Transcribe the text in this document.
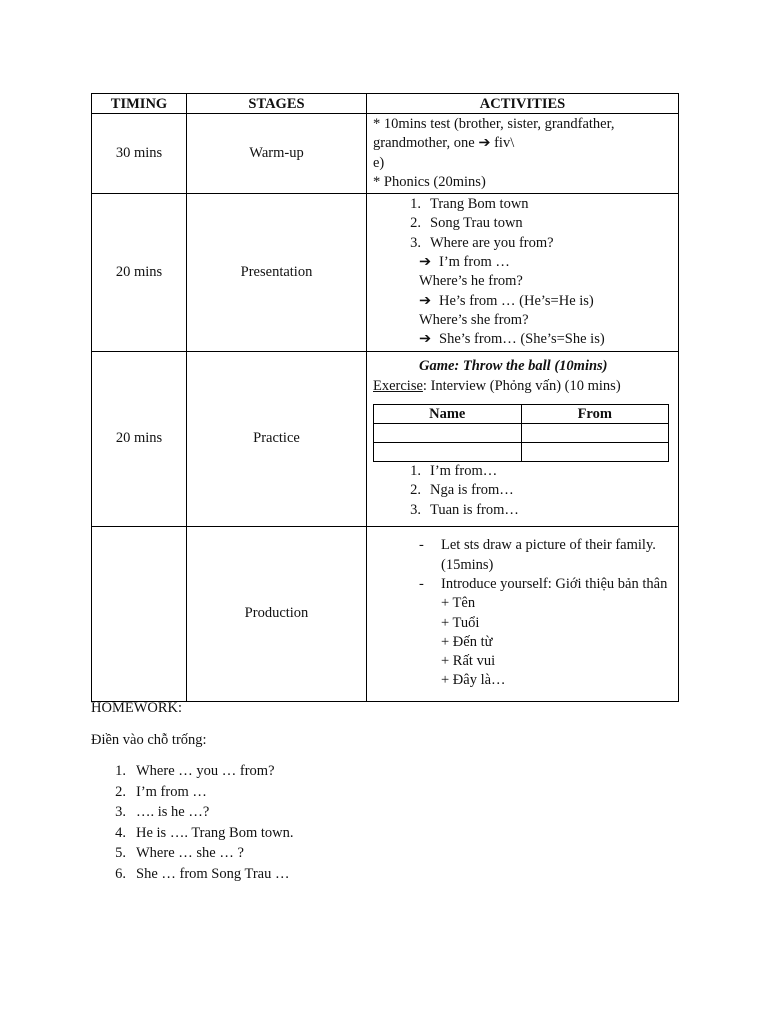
TIMING	STAGES	ACTIVITIES
30 mins	Warm-up	
* 10mins test (brother, sister, grandfather,
grandmother, one ➔ fiv\
e)
* Phonics (20mins)

20 mins	Presentation	
1. Trang Bom town
2. Song Trau town
3. Where are you from?
➔ I’m from …
Where’s he from?
➔ He’s from … (He’s=He is)
Where’s she from?
➔ She’s from… (She’s=She is)

20 mins	Practice	
Game: Throw the ball (10mins)
Exercise: Interview (Phỏng vấn) (10 mins)
Name	From

1. I’m from…
2. Nga is from…
3. Tuan is from…

	Production	
-	Let sts draw a picture of their family. (15mins)
-	Introduce yourself: Giới thiệu bản thân
+ Tên
+ Tuổi
+ Đến từ
+ Rất vui
+ Đây là…
HOMEWORK:
Điền vào chỗ trống:
1. Where … you … from?
2. I’m from …
3. …. is he …?
4. He is …. Trang Bom town.
5. Where … she … ?
6. She … from Song Trau …
